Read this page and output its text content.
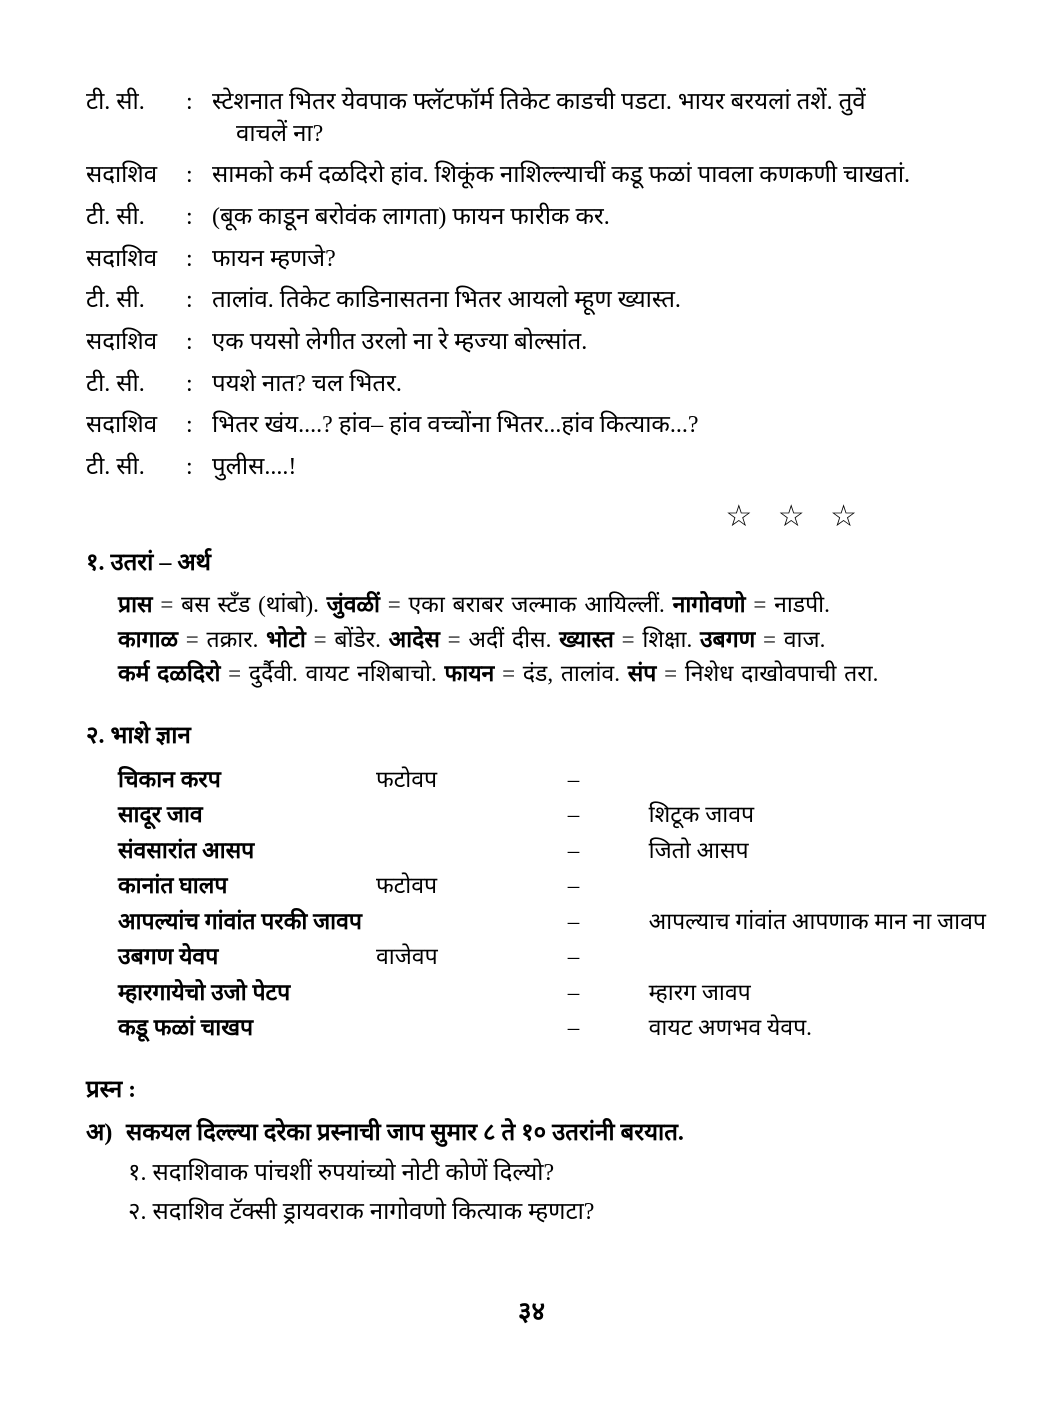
टी. सी.	: स्टेशनात भितर येवपाक फ्लॅटफॉर्म तिकेट काडची पडटा. भायर बरयलां तशें. तुवें
वाचलें ना?
सदाशिव	: सामको कर्म दळदिरो हांव. शिकूंक नाशिल्ल्याचीं कडू फळां पावला कणकणी चाखतां.
टी. सी.	: (बूक काडून बरोवंक लागता) फायन फारीक कर.
सदाशिव	: फायन म्हणजे?
टी. सी.	: तालांव. तिकेट काडिनासतना भितर आयलो म्हूण ख्यास्त.
सदाशिव	: एक पयसो लेगीत उरलो ना रे म्हज्या बोल्सांत.
टी. सी.	: पयशे नात? चल भितर.
सदाशिव	: भितर खंय....? हांव– हांव वच्चोंना भितर...हांव कित्याक...?
टी. सी.	: पुलीस....!
☆ ☆ ☆
१. उतरां – अर्थ
प्रास = बस स्टँड (थांबो). जुंवळीं = एका बराबर जल्माक आयिल्लीं. नागोवणो = नाडपी.
कागाळ = तक्रार. भोटो = बोंडेर. आदेस = अदीं दीस. ख्यास्त = शिक्षा. उबगण = वाज.
कर्म दळदिरो = दुर्दैवी. वायट नशिबाचो. फायन = दंड, तालांव. संप = निशेध दाखोवपाची तरा.
२. भाशे ज्ञान
चिकान करप	फटोवप	–	
सादूर जाव		–	शिटूक जावप
संवसारांत आसप		–	जितो आसप
कानांत घालप	फटोवप	–	
आपल्यांच गांवांत परकी जावप		–	आपल्याच गांवांत आपणाक मान ना जावप
उबगण येवप	वाजेवप	–	
म्हारगायेचो उजो पेटप		–	म्हारग जावप
कडू फळां चाखप		–	वायट अणभव येवप.
प्रस्न :
अ) सकयल दिल्ल्या दरेका प्रस्नाची जाप सुमार ८ ते १० उतरांनी बरयात.
१. सदाशिवाक पांचशीं रुपयांच्यो नोटी कोणें दिल्यो?
२. सदाशिव टॅक्सी ड्रायवराक नागोवणो कित्याक म्हणटा?
३४
